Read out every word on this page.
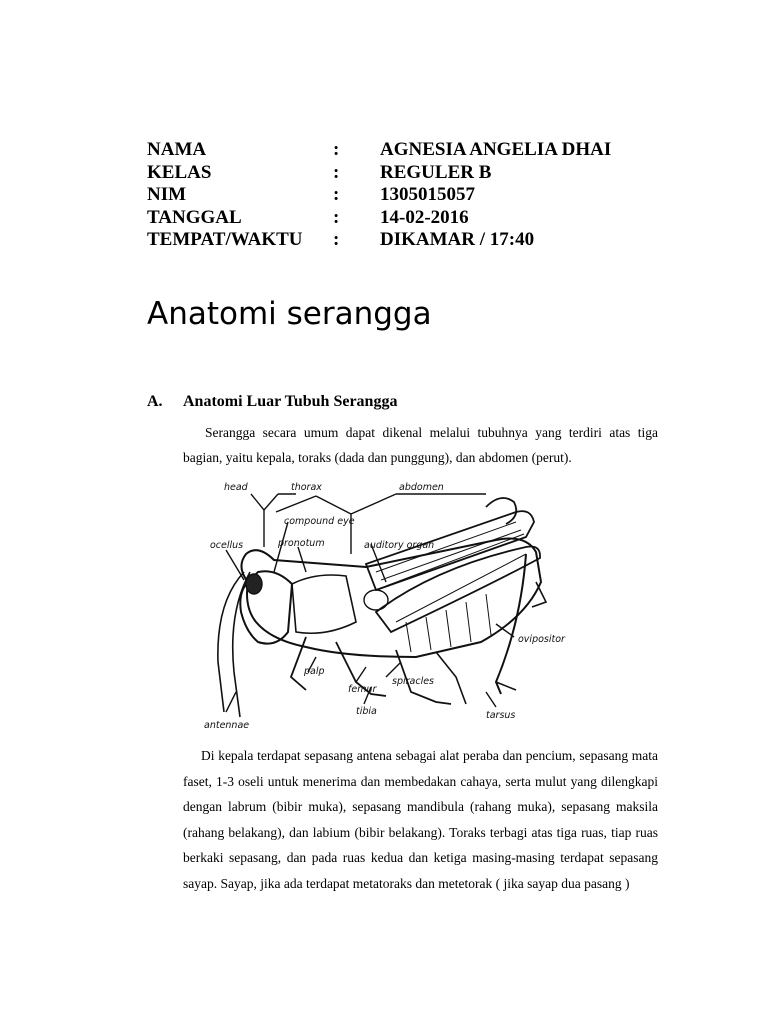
NAMA	: AGNESIA ANGELIA DHAI
KELAS	: REGULER B
NIM	: 1305015057
TANGGAL	: 14-02-2016
TEMPAT/WAKTU : DIKAMAR / 17:40
Anatomi serangga
A. Anatomi Luar Tubuh Serangga

Serangga secara umum dapat dikenal melalui tubuhnya yang terdiri atas tiga bagian, yaitu kepala, toraks (dada dan punggung), dan abdomen (perut).

head	thorax	abdomen
compound eye
ocellus	pronotum	auditory organ
ovipositor
spiracles
palp
femur
tibia	tarsus
antennae

Di kepala terdapat sepasang antena sebagai alat peraba dan pencium, sepasang mata faset, 1-3 oseli untuk menerima dan membedakan cahaya, serta mulut yang dilengkapi dengan labrum (bibir muka), sepasang mandibula (rahang muka), sepasang maksila (rahang belakang), dan labium (bibir belakang). Toraks terbagi atas tiga ruas, tiap ruas berkaki sepasang, dan pada ruas kedua dan ketiga masing-masing terdapat sepasang sayap. Sayap, jika ada terdapat metatoraks dan metetorak ( jika sayap dua pasang )
